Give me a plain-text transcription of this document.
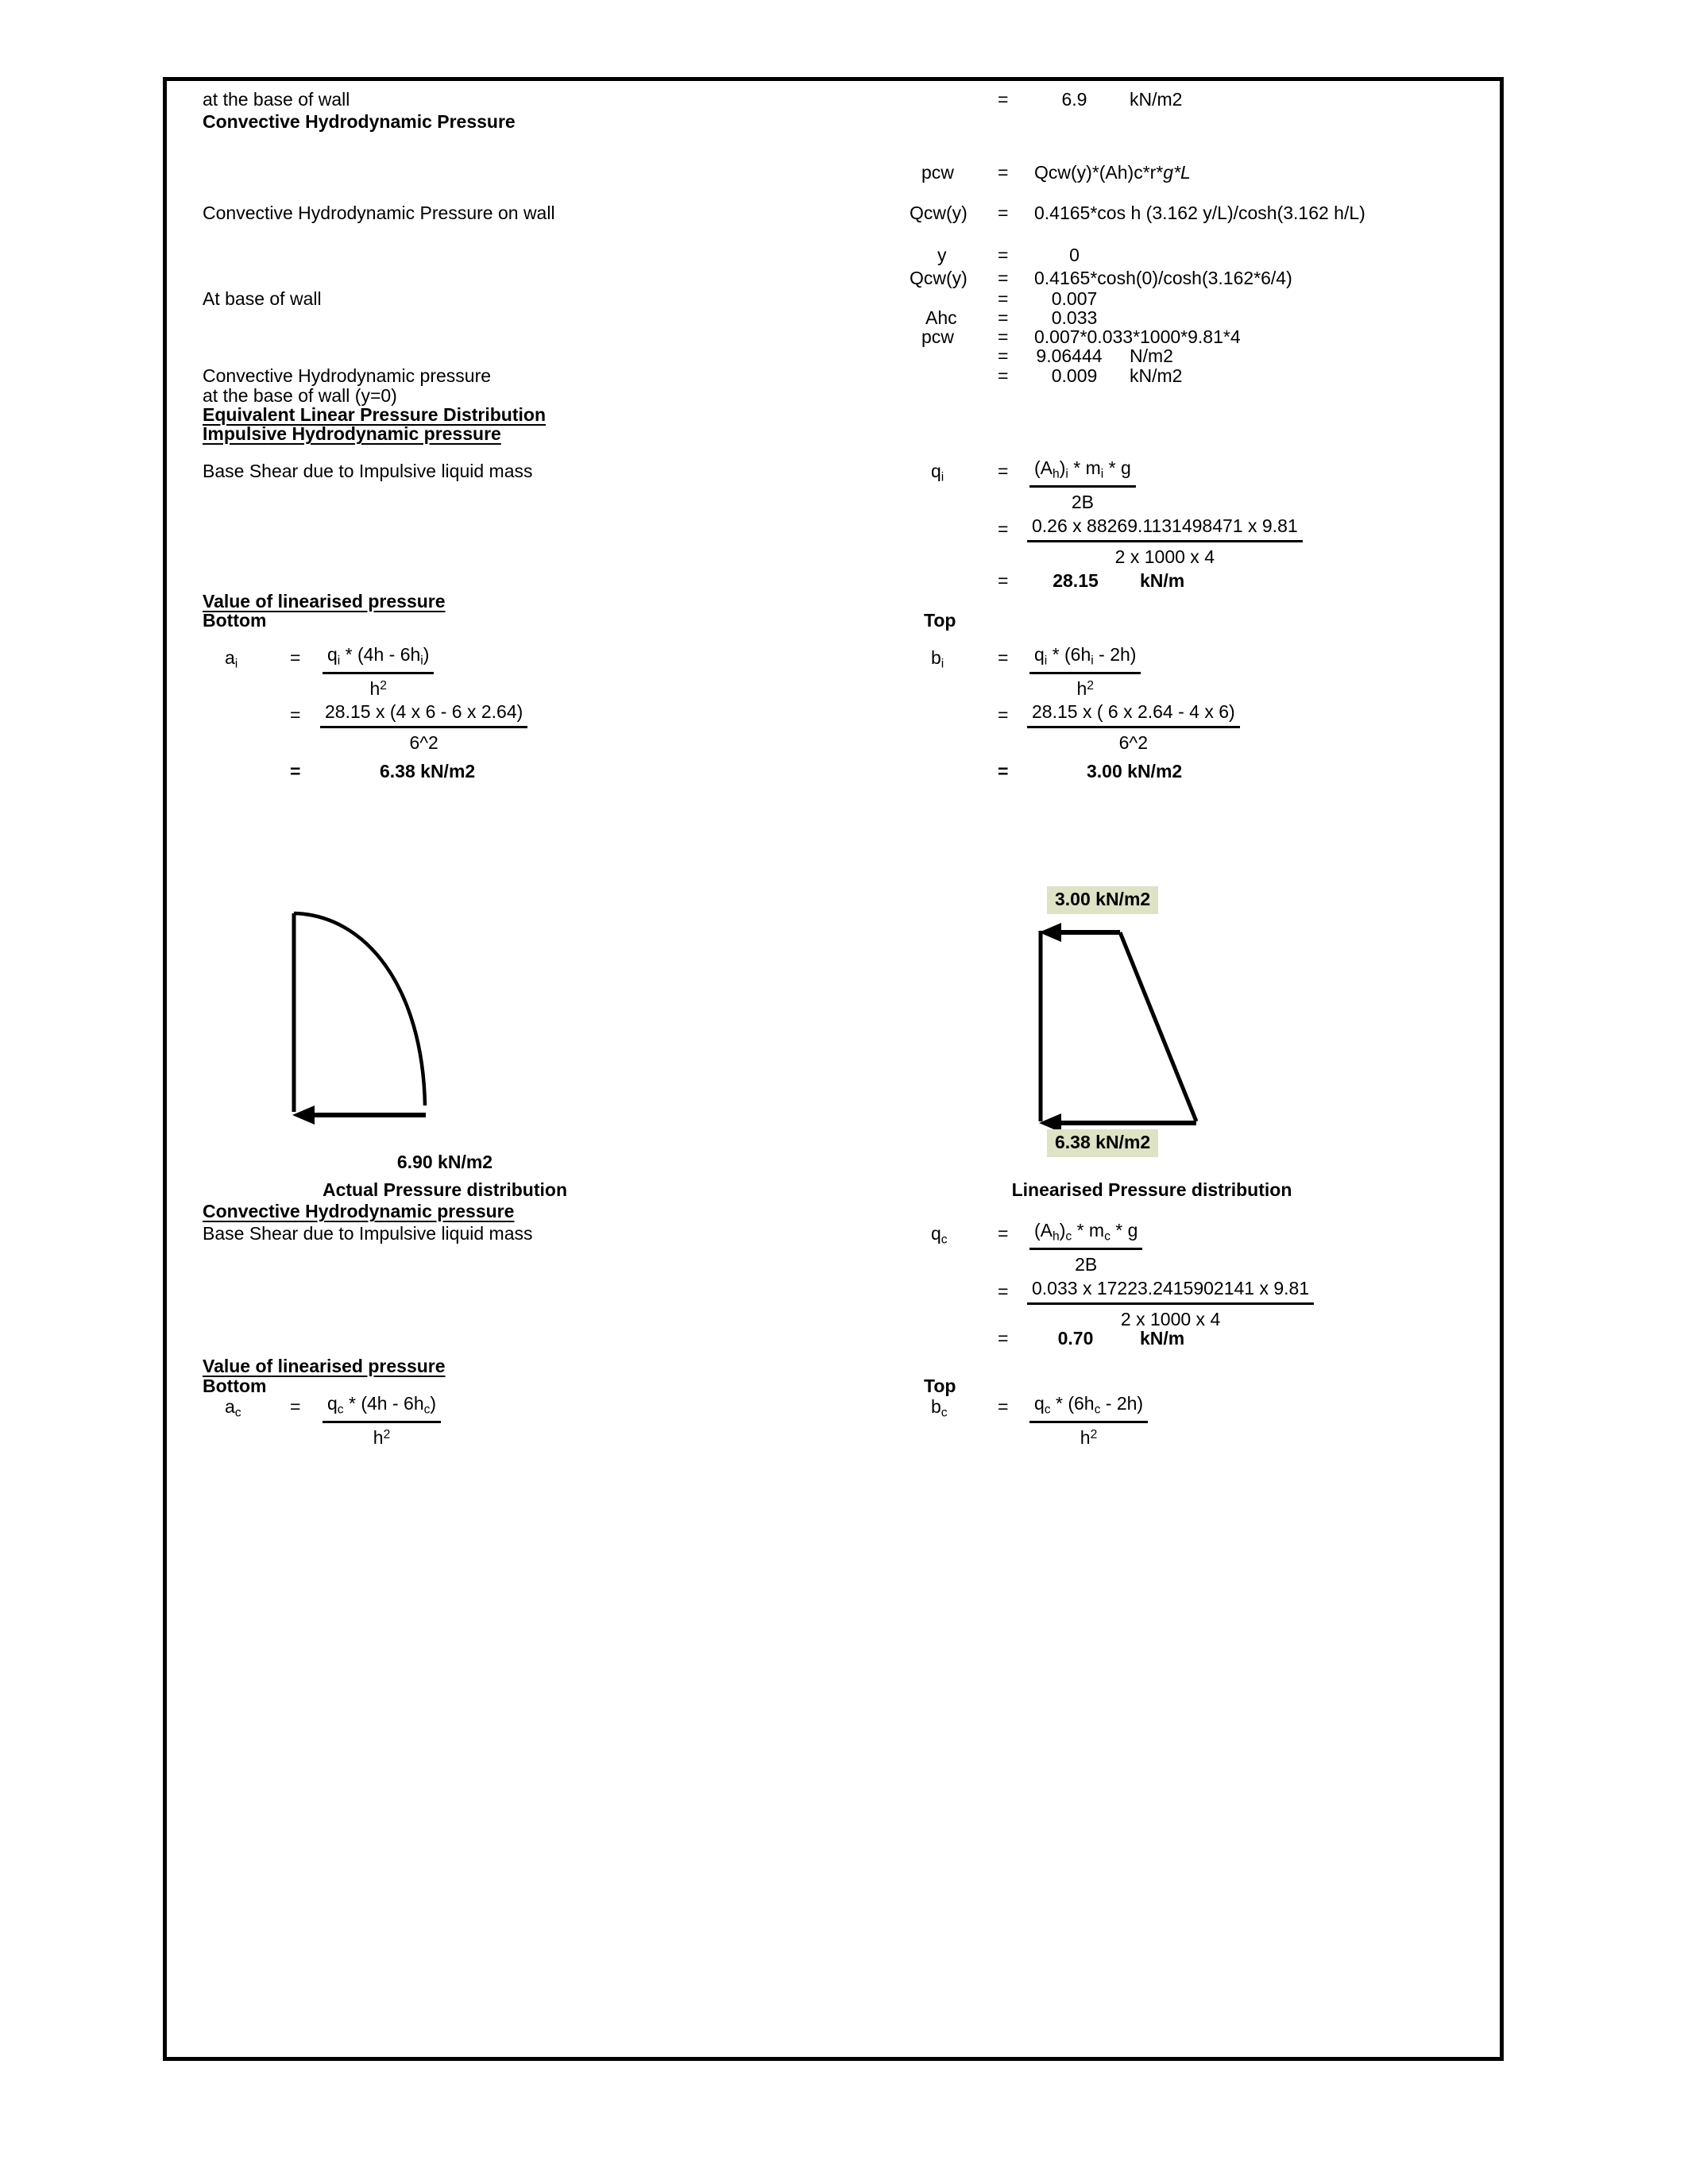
at the base of wall	=	6.9	kN/m2
Convective Hydrodynamic Pressure
pcw = Qcw(y)*(Ah)c*r*g*L
Convective Hydrodynamic Pressure on wall	Qcw(y) = 0.4165*cos h (3.162 y/L)/cosh(3.162 h/L)
y	=	0
Qcw(y) = 0.4165*cosh(0)/cosh(3.162*6/4)
At base of wall	=	0.007
Ahc =	0.033
pcw = 0.007*0.033*1000*9.81*4
=	9.06444	N/m2
Convective Hydrodynamic pressure	=	0.009	kN/m2
at the base of wall (y=0)
Equivalent Linear Pressure Distribution
Impulsive Hydrodynamic pressure
Base Shear due to Impulsive liquid mass	$q_i$	= $\frac{(A_h)_i * m_i * g}{2B}$
= $\frac{0.26 x 88269.1131498471 x 9.81}{2 x 1000 x 4}$
=	28.15	kN/m
Value of linearised pressure
Bottom	Top
$a_i$	= $\frac{q_i * (4h - 6h_i)}{h^2}$
= $\frac{28.15 x (4 x 6 - 6 x 2.64)}{6\^{}2}$
=	6.38 kN/m2
$b_i$	= $\frac{q_i * (6h_i - 2h)}{h^2}$
= $\frac{28.15 x ( 6 x 2.64 - 4 x 6)}{6\^{}2}$
=	3.00 kN/m2
6.90 kN/m2
Actual Pressure distribution
3.00 kN/m2
6.38 kN/m2
Linearised Pressure distribution
Convective Hydrodynamic pressure
Base Shear due to Impulsive liquid mass	$q_c$	= $\frac{(A_h)_c * m_c * g}{2B}$
= $\frac{0.033 x 17223.2415902141 x 9.81}{2 x 1000 x 4}$
=	0.70	kN/m
Value of linearised pressure
Bottom	Top
$a_c$	= $\frac{q_c * (4h - 6h_c)}{h^2}$	$b_c$	= $\frac{q_c * (6h_c - 2h)}{h^2}$
